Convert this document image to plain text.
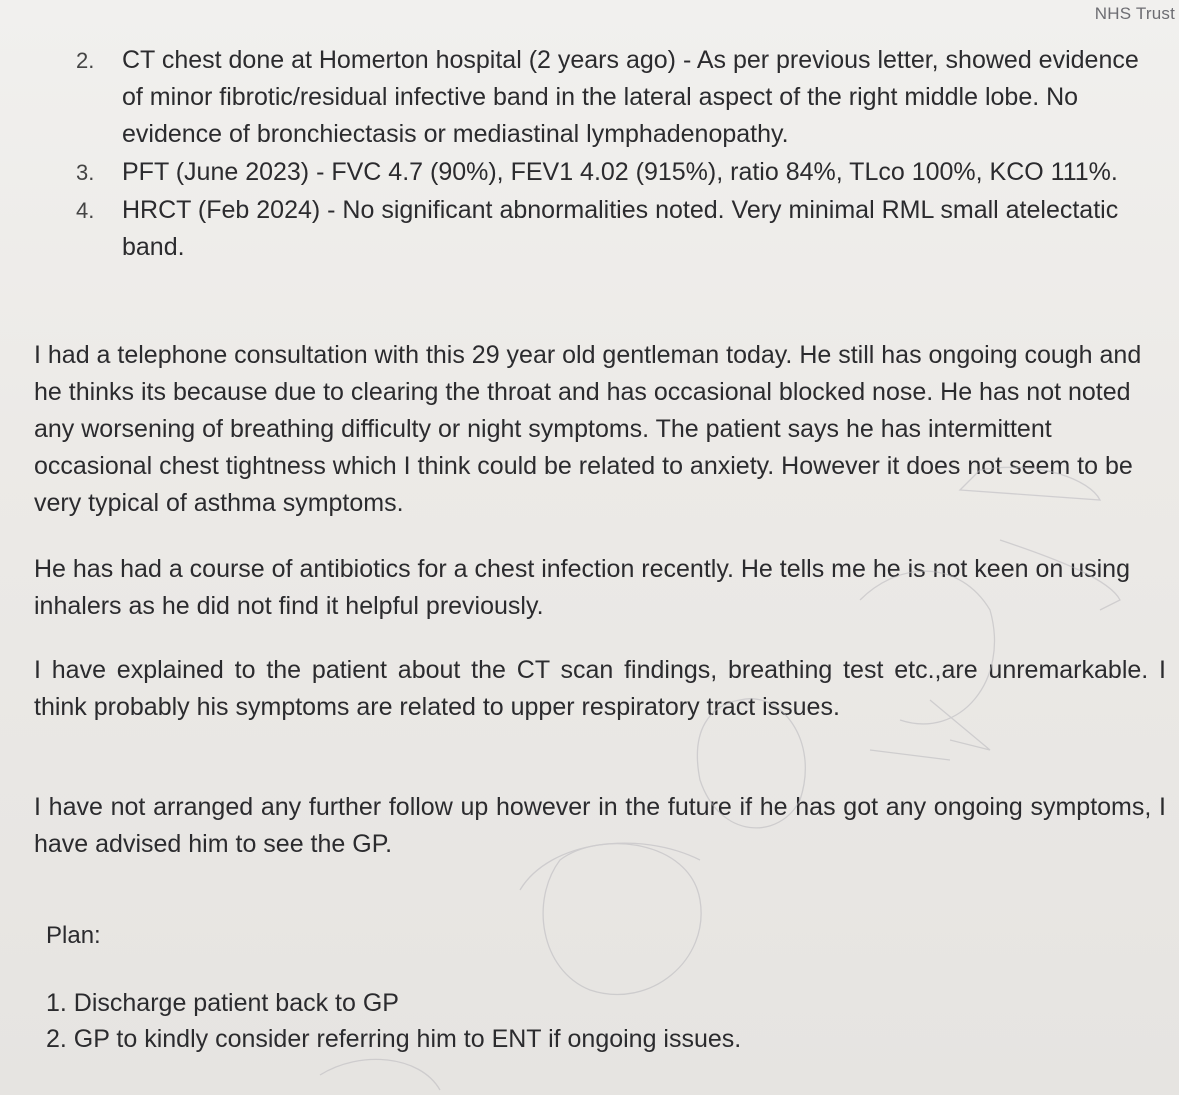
NHS Trust
2. CT chest done at Homerton hospital (2 years ago) - As per previous letter, showed evidence of minor fibrotic/residual infective band in the lateral aspect of the right middle lobe. No evidence of bronchiectasis or mediastinal lymphadenopathy.
3. PFT (June 2023) - FVC 4.7 (90%), FEV1 4.02 (915%), ratio 84%, TLco 100%, KCO 111%.
4. HRCT (Feb 2024) - No significant abnormalities noted. Very minimal RML small atelectatic band.

I had a telephone consultation with this 29 year old gentleman today. He still has ongoing cough and he thinks its because due to clearing the throat and has occasional blocked nose. He has not noted any worsening of breathing difficulty or night symptoms. The patient says he has intermittent occasional chest tightness which I think could be related to anxiety. However it does not seem to be very typical of asthma symptoms.

He has had a course of antibiotics for a chest infection recently. He tells me he is not keen on using inhalers as he did not find it helpful previously.

I have explained to the patient about the CT scan findings, breathing test etc.,are unremarkable. I think probably his symptoms are related to upper respiratory tract issues.

I have not arranged any further follow up however in the future if he has got any ongoing symptoms, I have advised him to see the GP.

Plan:
1. Discharge patient back to GP
2. GP to kindly consider referring him to ENT if ongoing issues.
